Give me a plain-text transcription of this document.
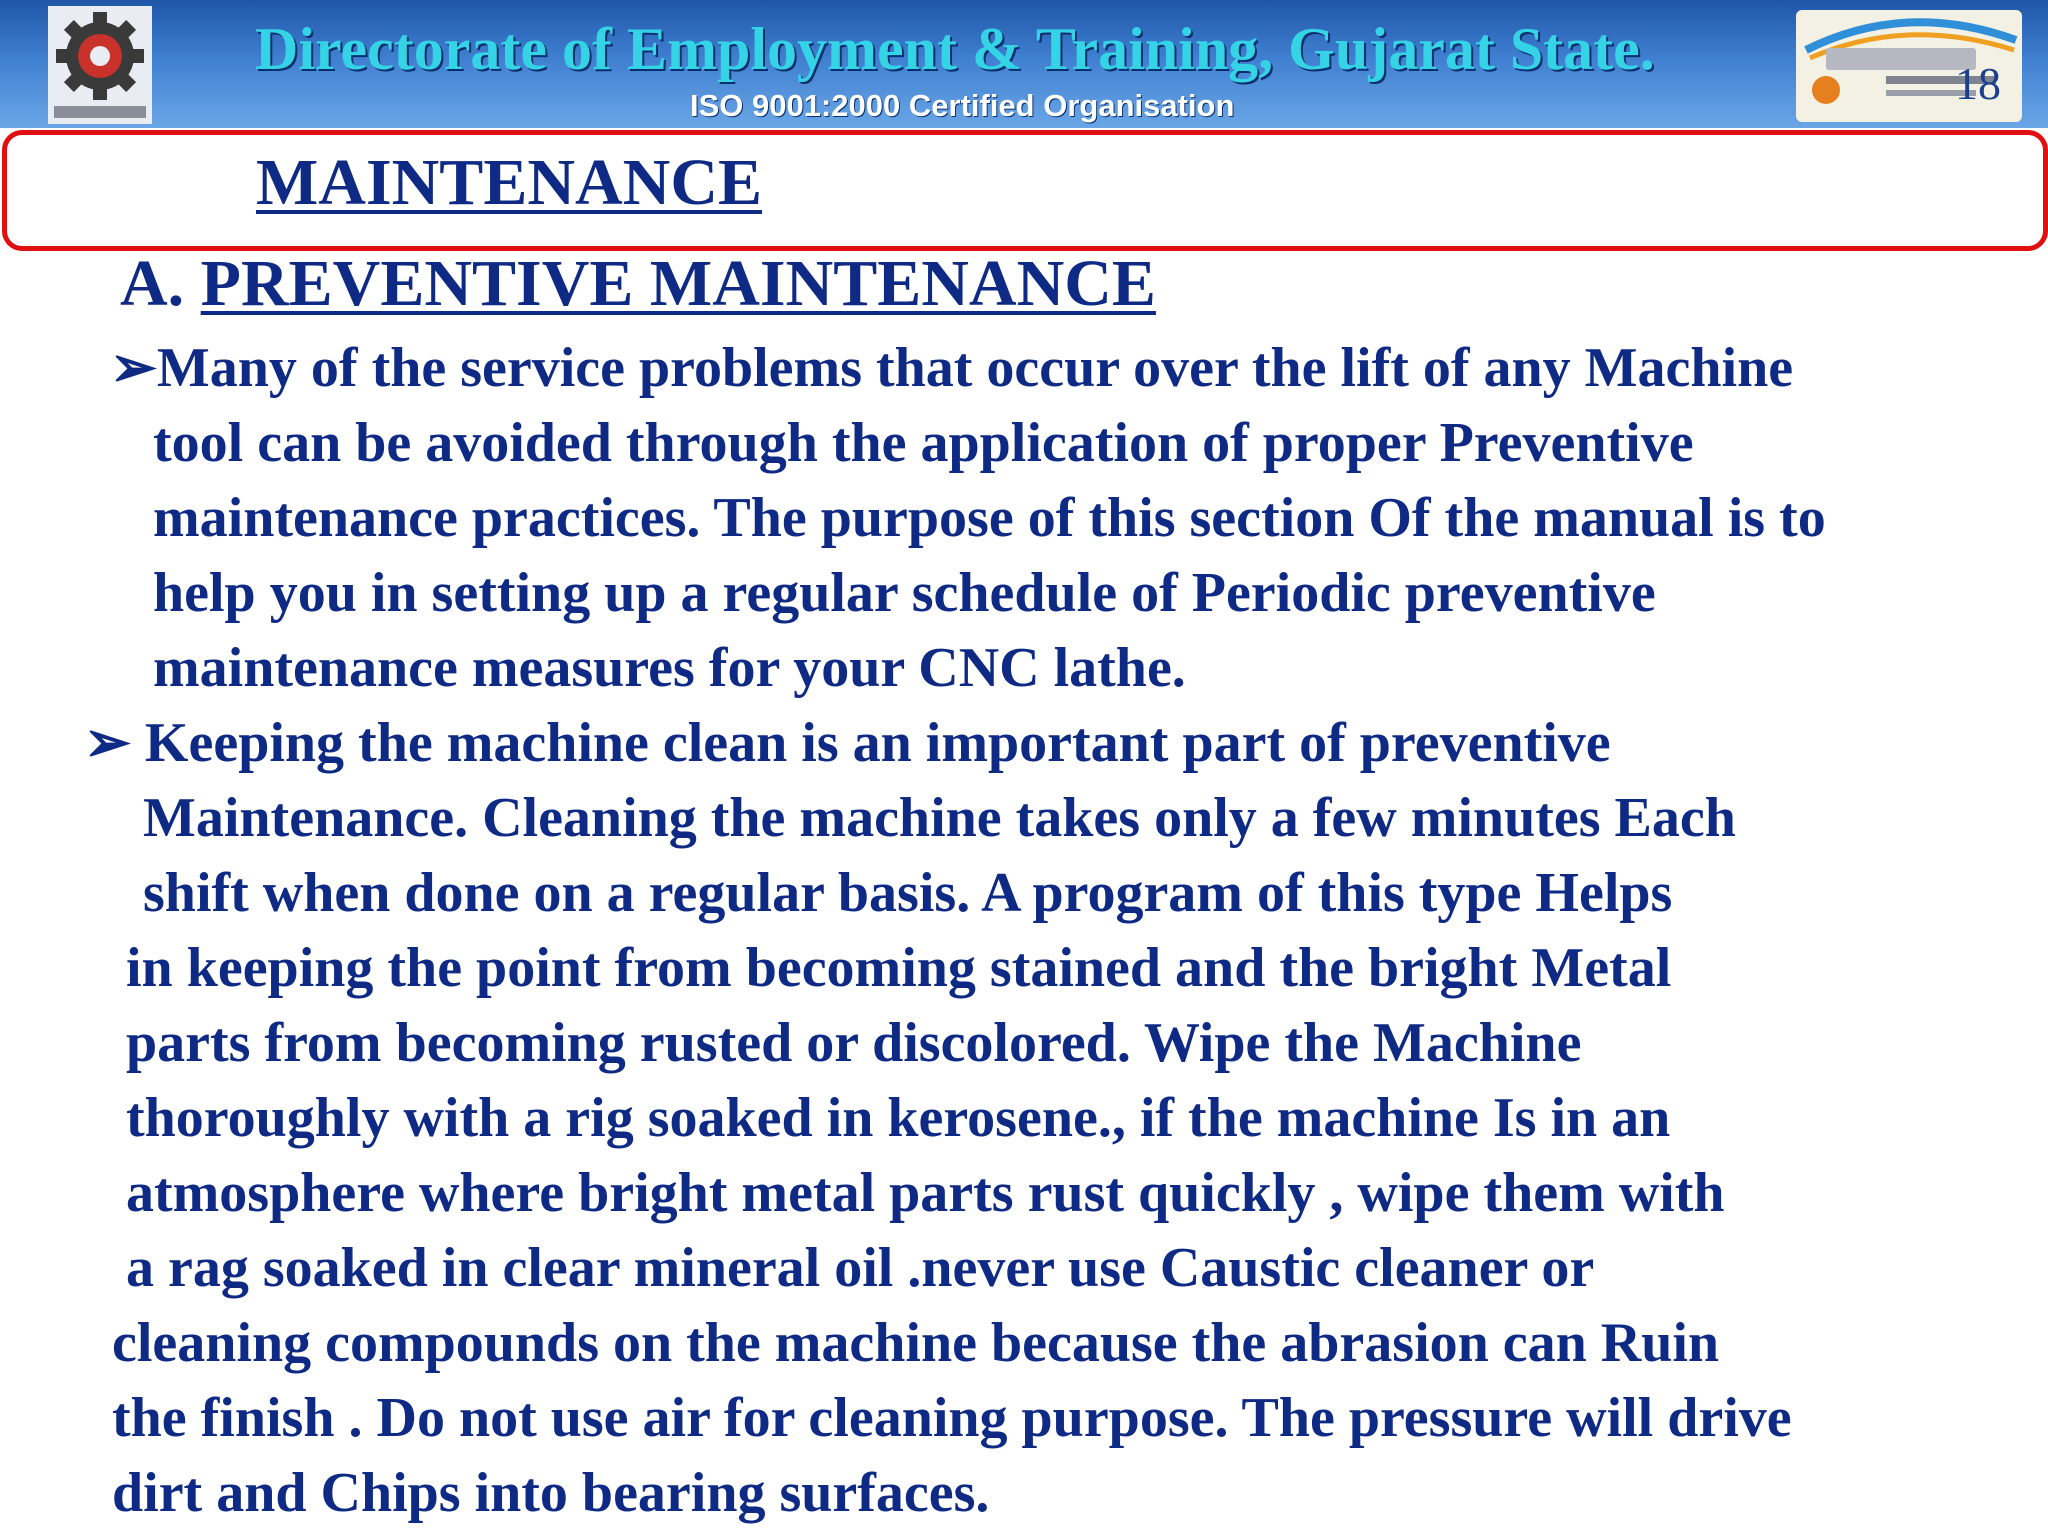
Directorate of Employment & Training, Gujarat State.
ISO 9001:2000 Certified Organisation	18
MAINTENANCE
A. PREVENTIVE MAINTENANCE
➢Many of the service problems that occur over the lift of any Machine
tool can be avoided through the application of proper Preventive
maintenance practices. The purpose of this section Of the manual is to
help you in setting up a regular schedule of Periodic preventive
maintenance measures for your CNC lathe.
➢ Keeping the machine clean is an important part of preventive
Maintenance. Cleaning the machine takes only a few minutes Each
shift when done on a regular basis. A program of this type Helps
in keeping the point from becoming stained and the bright Metal
parts from becoming rusted or discolored. Wipe the Machine
thoroughly with a rig soaked in kerosene., if the machine Is in an
atmosphere where bright metal parts rust quickly , wipe them with
a rag soaked in clear mineral oil .never use Caustic cleaner or
cleaning compounds on the machine because the abrasion can Ruin
the finish . Do not use air for cleaning purpose. The pressure will drive
dirt and Chips into bearing surfaces.
